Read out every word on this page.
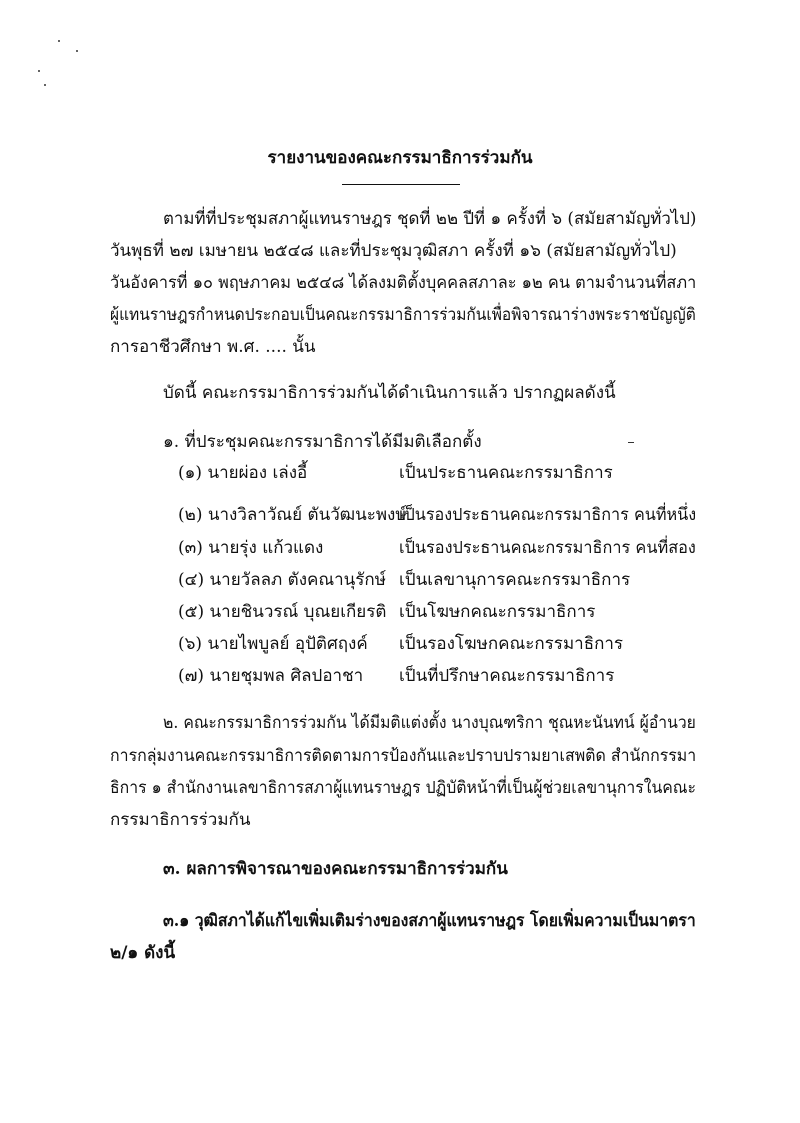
รายงานของคณะกรรมาธิการร่วมกัน
ตามที่ที่ประชุมสภาผู้แทนราษฎร ชุดที่ ๒๒ ปีที่ ๑ ครั้งที่ ๖ (สมัยสามัญทั่วไป)
วันพุธที่ ๒๗ เมษายน ๒๕๔๘ และที่ประชุมวุฒิสภา ครั้งที่ ๑๖ (สมัยสามัญทั่วไป)
วันอังคารที่ ๑๐ พฤษภาคม ๒๕๔๘ ได้ลงมติตั้งบุคคลสภาละ ๑๒ คน ตามจำนวนที่สภา
ผู้แทนราษฎรกำหนดประกอบเป็นคณะกรรมาธิการร่วมกันเพื่อพิจารณาร่างพระราชบัญญัติ
การอาชีวศึกษา พ.ศ. .... นั้น
บัดนี้ คณะกรรมาธิการร่วมกันได้ดำเนินการแล้ว ปรากฏผลดังนี้
๑. ที่ประชุมคณะกรรมาธิการได้มีมติเลือกตั้ง
(๑) นายผ่อง เล่งอี้	เป็นประธานคณะกรรมาธิการ
(๒) นางวิลาวัณย์ ตันวัฒนะพงษ์
เป็นรองประธานคณะกรรมาธิการ คนที่หนึ่ง
(๓) นายรุ่ง แก้วแดง	เป็นรองประธานคณะกรรมาธิการ คนที่สอง
(๔) นายวัลลภ ตังคณานุรักษ์ เป็นเลขานุการคณะกรรมาธิการ
(๕) นายชินวรณ์ บุณยเกียรติ เป็นโฆษกคณะกรรมาธิการ
(๖) นายไพบูลย์ อุปัติศฤงค์ เป็นรองโฆษกคณะกรรมาธิการ
(๗) นายชุมพล ศิลปอาชา เป็นที่ปรึกษาคณะกรรมาธิการ
๒. คณะกรรมาธิการร่วมกัน ได้มีมติแต่งตั้ง นางบุณฑริกา ชุณหะนันทน์ ผู้อำนวย
การกลุ่มงานคณะกรรมาธิการติดตามการป้องกันและปราบปรามยาเสพติด สำนักกรรมา
ธิการ ๑ สำนักงานเลขาธิการสภาผู้แทนราษฎร ปฏิบัติหน้าที่เป็นผู้ช่วยเลขานุการในคณะ
กรรมาธิการร่วมกัน
๓. ผลการพิจารณาของคณะกรรมาธิการร่วมกัน
๓.๑ วุฒิสภาได้แก้ไขเพิ่มเติมร่างของสภาผู้แทนราษฎร โดยเพิ่มความเป็นมาตรา
๒/๑ ดังนี้
